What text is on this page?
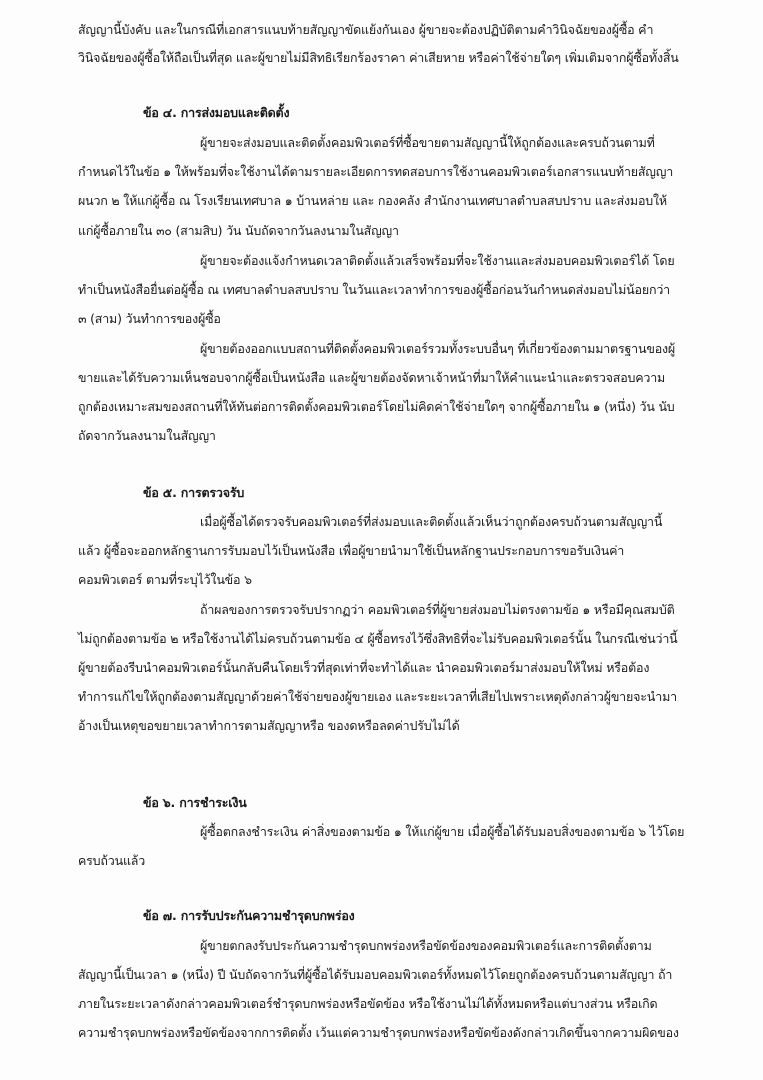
สัญญานี้บังคับ และในกรณีที่เอกสารแนบท้ายสัญญาขัดแย้งกันเอง ผู้ขายจะต้องปฏิบัติตามคำวินิจฉัยของผู้ซื้อ คำ
วินิจฉัยของผู้ซื้อให้ถือเป็นที่สุด และผู้ขายไม่มีสิทธิเรียกร้องราคา ค่าเสียหาย หรือค่าใช้จ่ายใดๆ เพิ่มเติมจากผู้ซื้อทั้งสิ้น
ข้อ ๔. การส่งมอบและติดตั้ง
ผู้ขายจะส่งมอบและติดตั้งคอมพิวเตอร์ที่ซื้อขายตามสัญญานี้ให้ถูกต้องและครบถ้วนตามที่
กำหนดไว้ในข้อ ๑ ให้พร้อมที่จะใช้งานได้ตามรายละเอียดการทดสอบการใช้งานคอมพิวเตอร์เอกสารแนบท้ายสัญญา
ผนวก ๒ ให้แก่ผู้ซื้อ ณ โรงเรียนเทศบาล ๑ บ้านหล่าย และ กองคลัง สำนักงานเทศบาลตำบลสบปราบ และส่งมอบให้
แก่ผู้ซื้อภายใน ๓๐ (สามสิบ) วัน นับถัดจากวันลงนามในสัญญา
ผู้ขายจะต้องแจ้งกำหนดเวลาติดตั้งแล้วเสร็จพร้อมที่จะใช้งานและส่งมอบคอมพิวเตอร์ได้ โดย
ทำเป็นหนังสือยื่นต่อผู้ซื้อ ณ เทศบาลตำบลสบปราบ ในวันและเวลาทำการของผู้ซื้อก่อนวันกำหนดส่งมอบไม่น้อยกว่า
๓ (สาม) วันทำการของผู้ซื้อ
ผู้ขายต้องออกแบบสถานที่ติดตั้งคอมพิวเตอร์รวมทั้งระบบอื่นๆ ที่เกี่ยวข้องตามมาตรฐานของผู้
ขายและได้รับความเห็นชอบจากผู้ซื้อเป็นหนังสือ และผู้ขายต้องจัดหาเจ้าหน้าที่มาให้คำแนะนำและตรวจสอบความ
ถูกต้องเหมาะสมของสถานที่ให้ทันต่อการติดตั้งคอมพิวเตอร์โดยไม่คิดค่าใช้จ่ายใดๆ จากผู้ซื้อภายใน ๑ (หนึ่ง) วัน นับ
ถัดจากวันลงนามในสัญญา
ข้อ ๕. การตรวจรับ
เมื่อผู้ซื้อได้ตรวจรับคอมพิวเตอร์ที่ส่งมอบและติดตั้งแล้วเห็นว่าถูกต้องครบถ้วนตามสัญญานี้
แล้ว ผู้ซื้อจะออกหลักฐานการรับมอบไว้เป็นหนังสือ เพื่อผู้ขายนำมาใช้เป็นหลักฐานประกอบการขอรับเงินค่า
คอมพิวเตอร์ ตามที่ระบุไว้ในข้อ ๖
ถ้าผลของการตรวจรับปรากฏว่า คอมพิวเตอร์ที่ผู้ขายส่งมอบไม่ตรงตามข้อ ๑ หรือมีคุณสมบัติ
ไม่ถูกต้องตามข้อ ๒ หรือใช้งานได้ไม่ครบถ้วนตามข้อ ๔ ผู้ซื้อทรงไว้ซึ่งสิทธิที่จะไม่รับคอมพิวเตอร์นั้น ในกรณีเช่นว่านี้
ผู้ขายต้องรีบนำคอมพิวเตอร์นั้นกลับคืนโดยเร็วที่สุดเท่าที่จะทำได้และ นำคอมพิวเตอร์มาส่งมอบให้ใหม่ หรือต้อง
ทำการแก้ไขให้ถูกต้องตามสัญญาด้วยค่าใช้จ่ายของผู้ขายเอง และระยะเวลาที่เสียไปเพราะเหตุดังกล่าวผู้ขายจะนำมา
อ้างเป็นเหตุขอขยายเวลาทำการตามสัญญาหรือ ของดหรือลดค่าปรับไม่ได้
ข้อ ๖. การชำระเงิน
ผู้ซื้อตกลงชำระเงิน ค่าสิ่งของตามข้อ ๑ ให้แก่ผู้ขาย เมื่อผู้ซื้อได้รับมอบสิ่งของตามข้อ ๖ ไว้โดย
ครบถ้วนแล้ว
ข้อ ๗. การรับประกันความชำรุดบกพร่อง
ผู้ขายตกลงรับประกันความชำรุดบกพร่องหรือขัดข้องของคอมพิวเตอร์และการติดตั้งตาม
สัญญานี้เป็นเวลา ๑ (หนึ่ง) ปี นับถัดจากวันที่ผู้ซื้อได้รับมอบคอมพิวเตอร์ทั้งหมดไว้โดยถูกต้องครบถ้วนตามสัญญา ถ้า
ภายในระยะเวลาดังกล่าวคอมพิวเตอร์ชำรุดบกพร่องหรือขัดข้อง หรือใช้งานไม่ได้ทั้งหมดหรือแต่บางส่วน หรือเกิด
ความชำรุดบกพร่องหรือขัดข้องจากการติดตั้ง เว้นแต่ความชำรุดบกพร่องหรือขัดข้องดังกล่าวเกิดขึ้นจากความผิดของ
